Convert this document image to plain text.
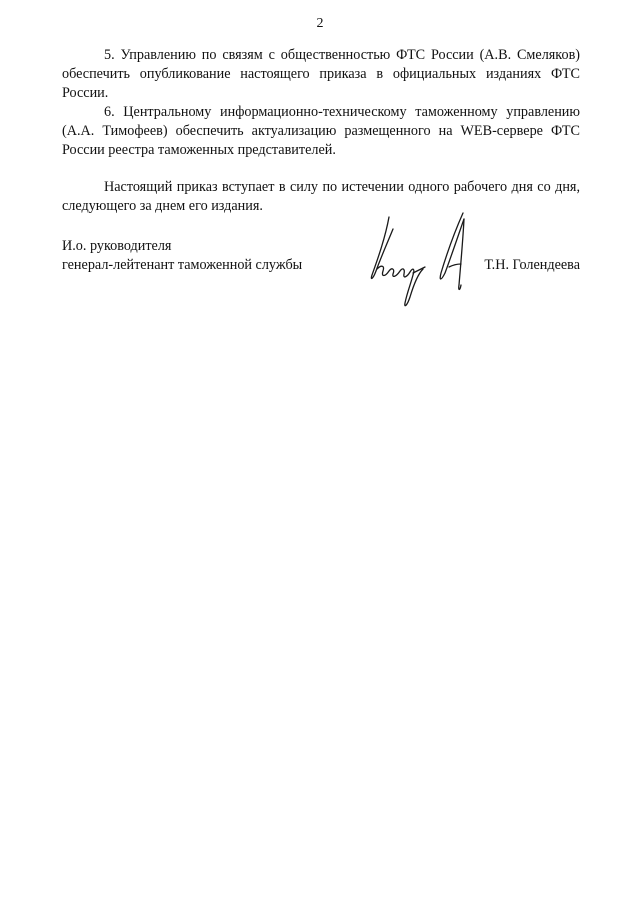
2

5. Управлению по связям с общественностью ФТС России (А.В. Смеляков) обеспечить опубликование настоящего приказа в официальных изданиях ФТС России.

6. Центральному информационно-техническому таможенному управлению (А.А. Тимофеев) обеспечить актуализацию размещенного на WEB-сервере ФТС России реестра таможенных представителей.

Настоящий приказ вступает в силу по истечении одного рабочего дня со дня, следующего за днем его издания.

И.о. руководителя
генерал-лейтенант таможенной службы	Т.Н. Голендеева
